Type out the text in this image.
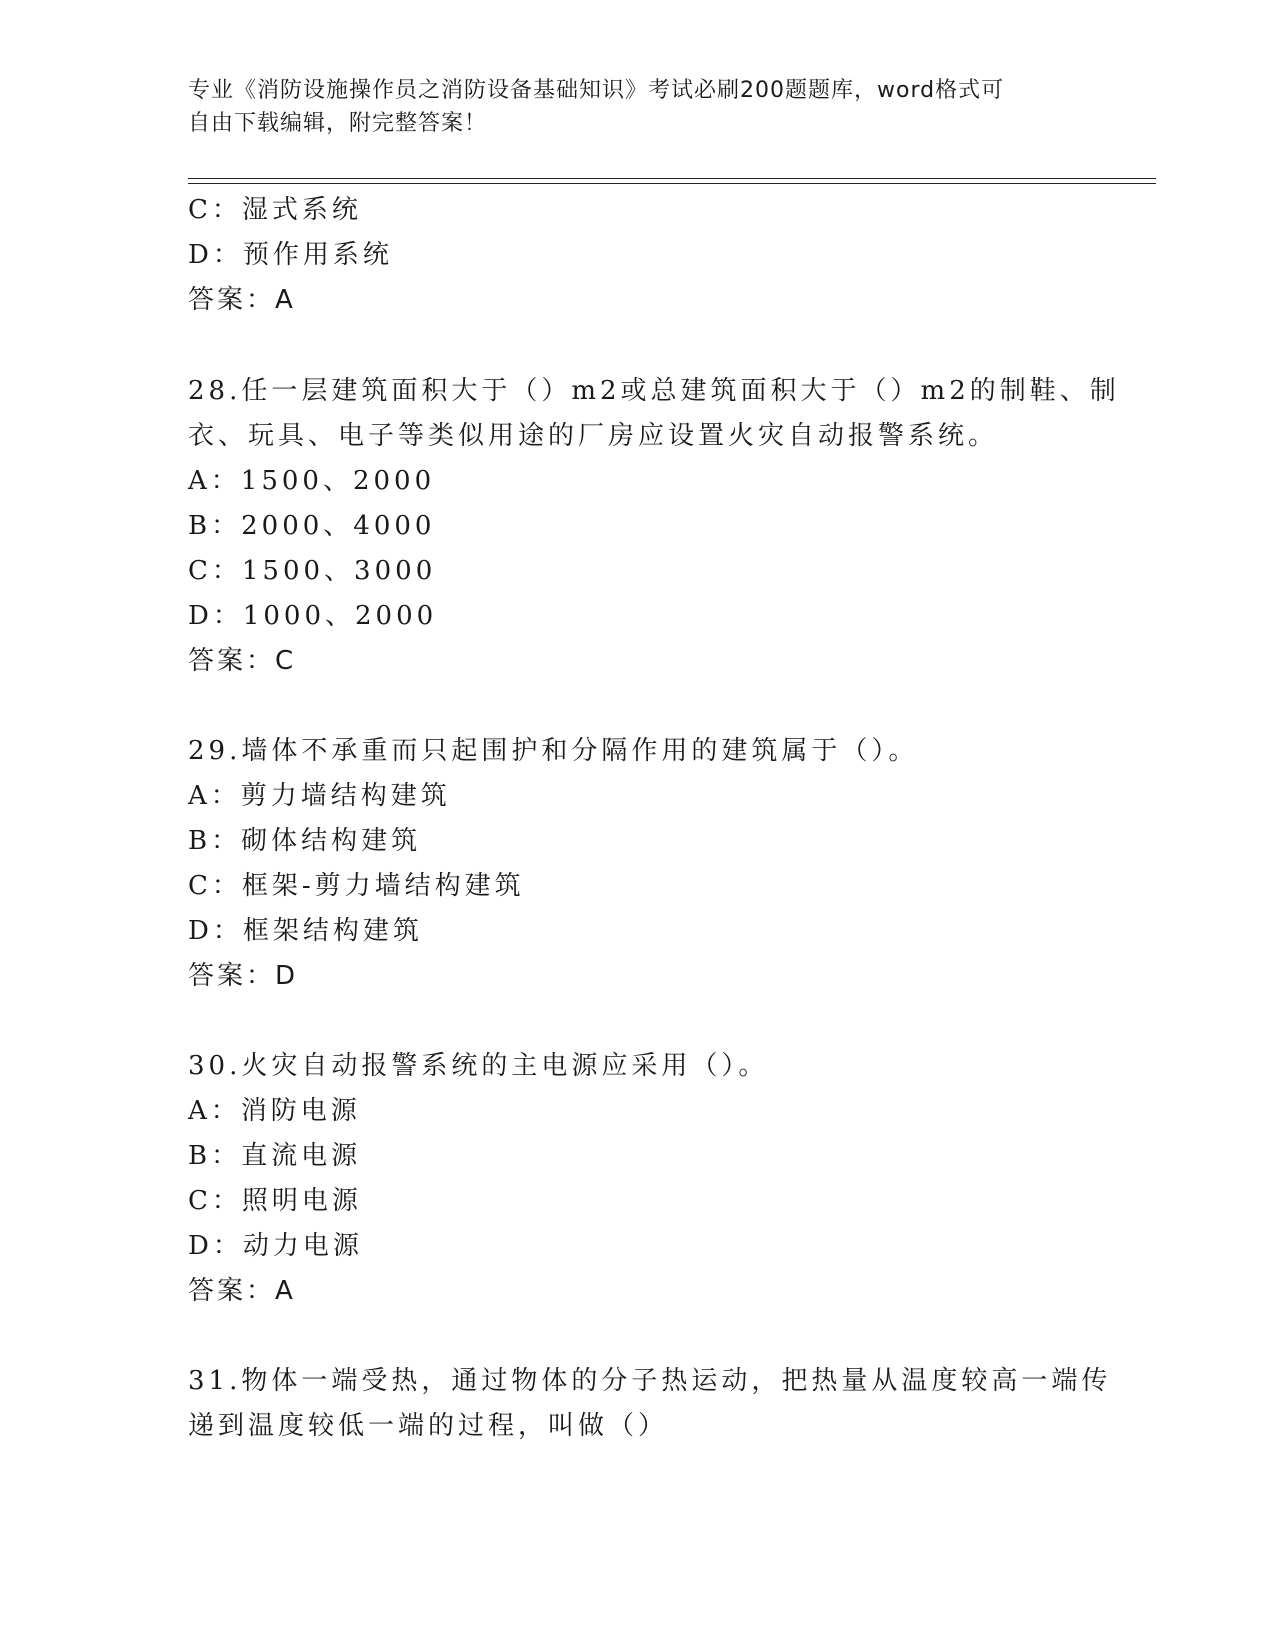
专业《消防设施操作员之消防设备基础知识》考试必刷200题题库，word格式可
自由下载编辑，附完整答案！
C：湿式系统
D：预作用系统
答案：A
28.任一层建筑面积大于（）m2或总建筑面积大于（）m2的制鞋、制
衣、玩具、电子等类似用途的厂房应设置火灾自动报警系统。
A：1500、2000
B：2000、4000
C：1500、3000
D：1000、2000
答案：C
29.墙体不承重而只起围护和分隔作用的建筑属于（）。
A：剪力墙结构建筑
B：砌体结构建筑
C：框架-剪力墙结构建筑
D：框架结构建筑
答案：D
30.火灾自动报警系统的主电源应采用（）。
A：消防电源
B：直流电源
C：照明电源
D：动力电源
答案：A
31.物体一端受热，通过物体的分子热运动，把热量从温度较高一端传
递到温度较低一端的过程，叫做（）
